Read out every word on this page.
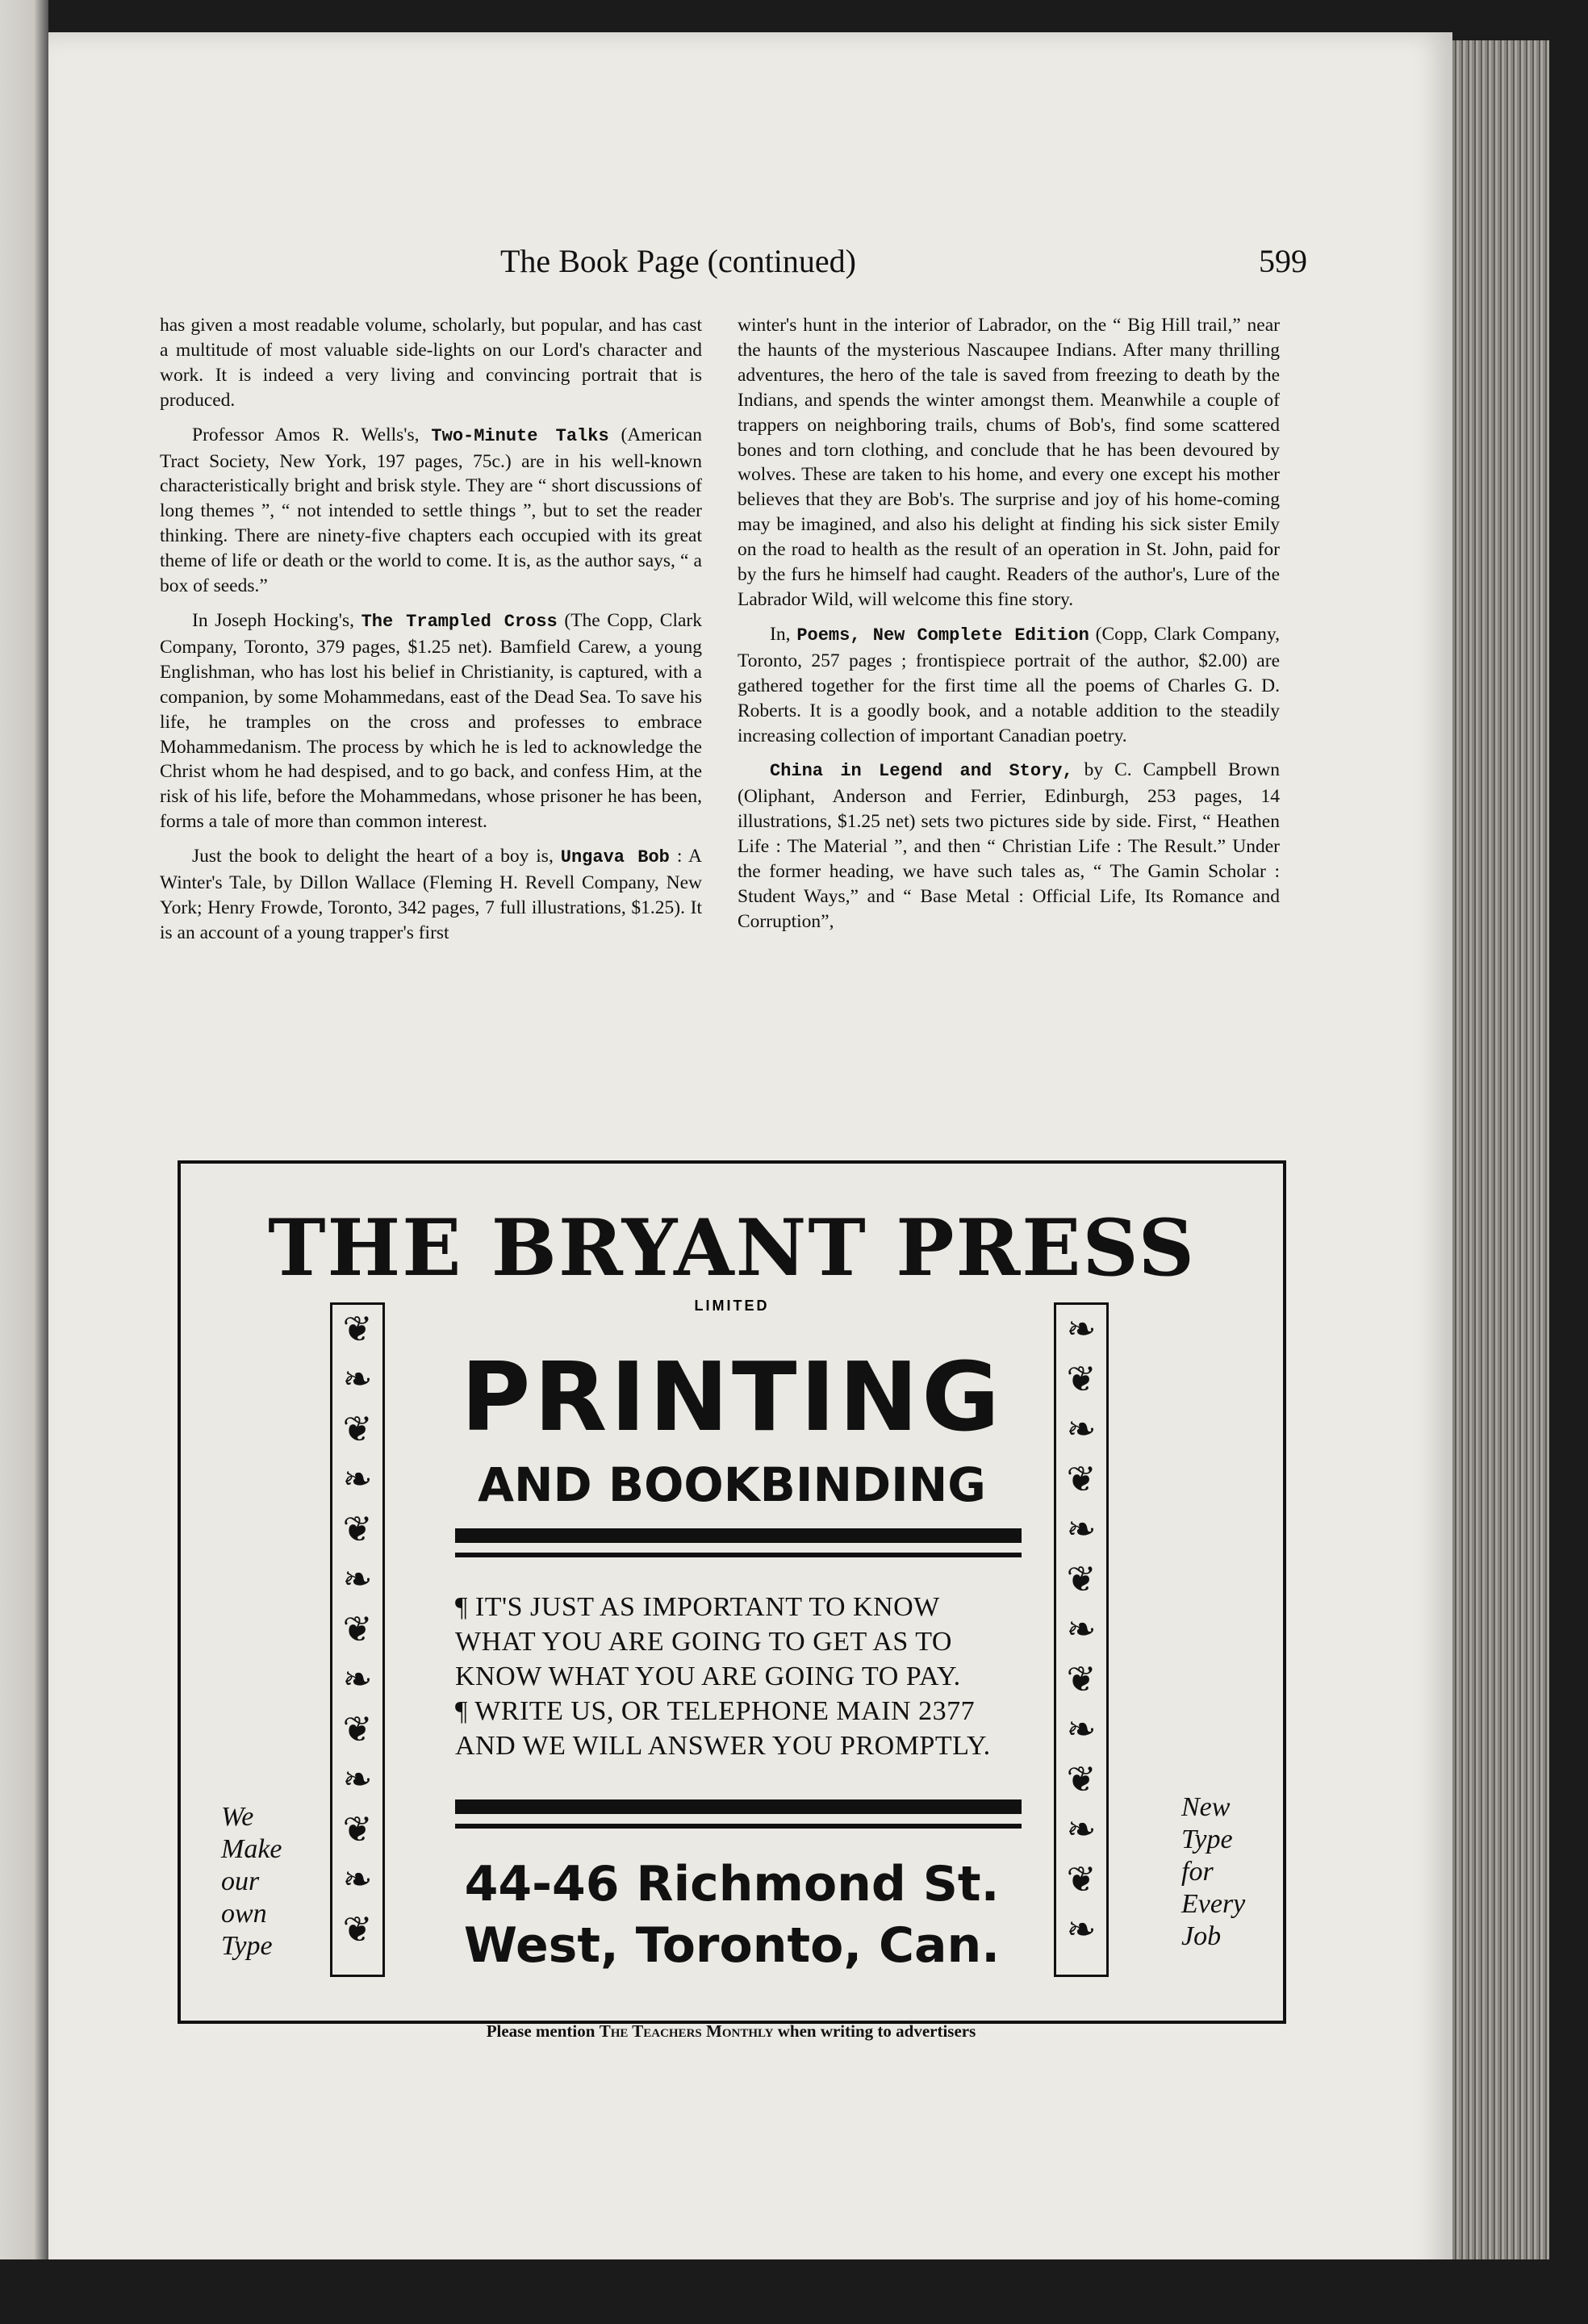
The Book Page (continued)	599

has given a most readable volume, scholarly, but popular, and has cast a multitude of most valuable side-lights on our Lord's character and work. It is indeed a very living and convincing portrait that is produced.

Professor Amos R. Wells's, Two-Minute Talks (American Tract Society, New York, 197 pages, 75c.) are in his well-known characteristically bright and brisk style. They are “ short discussions of long themes ”, “ not intended to settle things ”, but to set the reader thinking. There are ninety-five chapters each occupied with its great theme of life or death or the world to come. It is, as the author says, “ a box of seeds.”

In Joseph Hocking's, The Trampled Cross (The Copp, Clark Company, Toronto, 379 pages, $1.25 net). Bamfield Carew, a young Englishman, who has lost his belief in Christianity, is captured, with a companion, by some Mohammedans, east of the Dead Sea. To save his life, he tramples on the cross and professes to embrace Mohammedanism. The process by which he is led to acknowledge the Christ whom he had despised, and to go back, and confess Him, at the risk of his life, before the Mohammedans, whose prisoner he has been, forms a tale of more than common interest.

Just the book to delight the heart of a boy is, Ungava Bob : A Winter's Tale, by Dillon Wallace (Fleming H. Revell Company, New York; Henry Frowde, Toronto, 342 pages, 7 full illustrations, $1.25). It is an account of a young trapper's first

winter's hunt in the interior of Labrador, on the “ Big Hill trail,” near the haunts of the mysterious Nascaupee Indians. After many thrilling adventures, the hero of the tale is saved from freezing to death by the Indians, and spends the winter amongst them. Meanwhile a couple of trappers on neighboring trails, chums of Bob's, find some scattered bones and torn clothing, and conclude that he has been devoured by wolves. These are taken to his home, and every one except his mother believes that they are Bob's. The surprise and joy of his home-coming may be imagined, and also his delight at finding his sick sister Emily on the road to health as the result of an operation in St. John, paid for by the furs he himself had caught. Readers of the author's, Lure of the Labrador Wild, will welcome this fine story.

In, Poems, New Complete Edition (Copp, Clark Company, Toronto, 257 pages ; frontispiece portrait of the author, $2.00) are gathered together for the first time all the poems of Charles G. D. Roberts. It is a goodly book, and a notable addition to the steadily increasing collection of important Canadian poetry.

China in Legend and Story, by C. Campbell Brown (Oliphant, Anderson and Ferrier, Edinburgh, 253 pages, 14 illustrations, $1.25 net) sets two pictures side by side. First, “ Heathen Life : The Material ”, and then “ Christian Life : The Result.” Under the former heading, we have such tales as, “ The Gamin Scholar : Student Ways,” and “ Base Metal : Official Life, Its Romance and Corruption”,

THE BRYANT PRESS
LIMITED
❦
❧
❦
❧
❦
❧
❦
❧
❦
❧
❦
❧
❦
❧
❦
❧
❦
❧
❦
❧
❦
❧
❦
❧
❦
❧
PRINTING
AND BOOKBINDING
¶ IT'S JUST AS IMPORTANT TO KNOW
WHAT YOU ARE GOING TO GET AS TO
KNOW WHAT YOU ARE GOING TO PAY.
¶ WRITE US, OR TELEPHONE MAIN 2377
AND WE WILL ANSWER YOU PROMPTLY.
44-46 Richmond St.
West, Toronto, Can.
We
Make
our
own
Type
New
Type
for
Every
Job
Please mention The Teachers Monthly when writing to advertisers
